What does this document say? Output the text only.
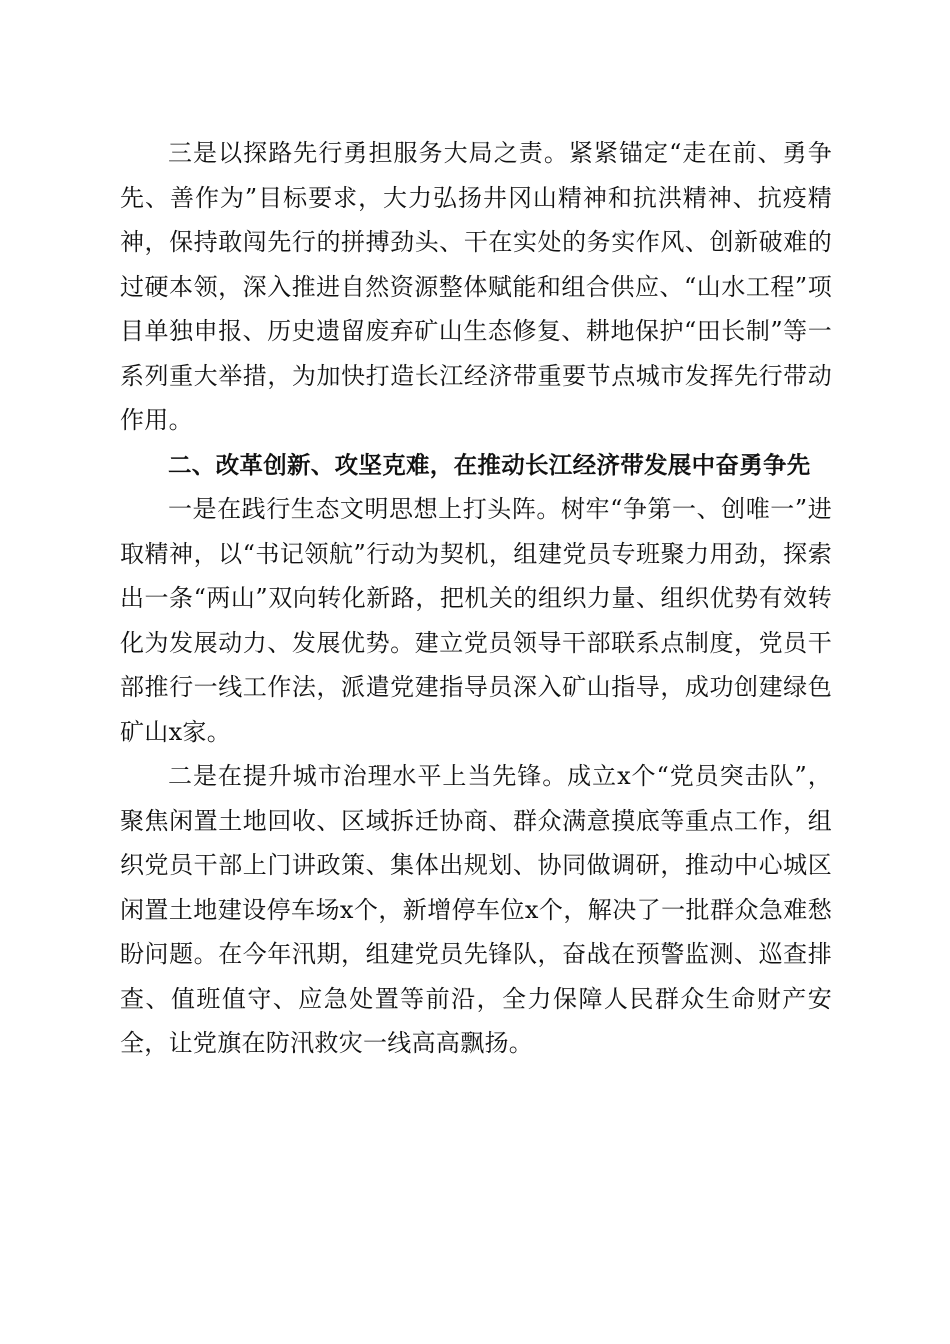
三是以探路先行勇担服务大局之责。紧紧锚定“走在前、勇争先、善作为”目标要求，大力弘扬井冈山精神和抗洪精神、抗疫精神，保持敢闯先行的拼搏劲头、干在实处的务实作风、创新破难的过硬本领，深入推进自然资源整体赋能和组合供应、“山水工程”项目单独申报、历史遗留废弃矿山生态修复、耕地保护“田长制”等一系列重大举措，为加快打造长江经济带重要节点城市发挥先行带动作用。

二、改革创新、攻坚克难，在推动长江经济带发展中奋勇争先

一是在践行生态文明思想上打头阵。树牢“争第一、创唯一”进取精神，以“书记领航”行动为契机，组建党员专班聚力用劲，探索出一条“两山”双向转化新路，把机关的组织力量、组织优势有效转化为发展动力、发展优势。建立党员领导干部联系点制度，党员干部推行一线工作法，派遣党建指导员深入矿山指导，成功创建绿色矿山x家。

二是在提升城市治理水平上当先锋。成立x个“党员突击队”，聚焦闲置土地回收、区域拆迁协商、群众满意摸底等重点工作，组织党员干部上门讲政策、集体出规划、协同做调研，推动中心城区闲置土地建设停车场x个，新增停车位x个，解决了一批群众急难愁盼问题。在今年汛期，组建党员先锋队，奋战在预警监测、巡查排查、值班值守、应急处置等前沿，全力保障人民群众生命财产安全，让党旗在防汛救灾一线高高飘扬。
